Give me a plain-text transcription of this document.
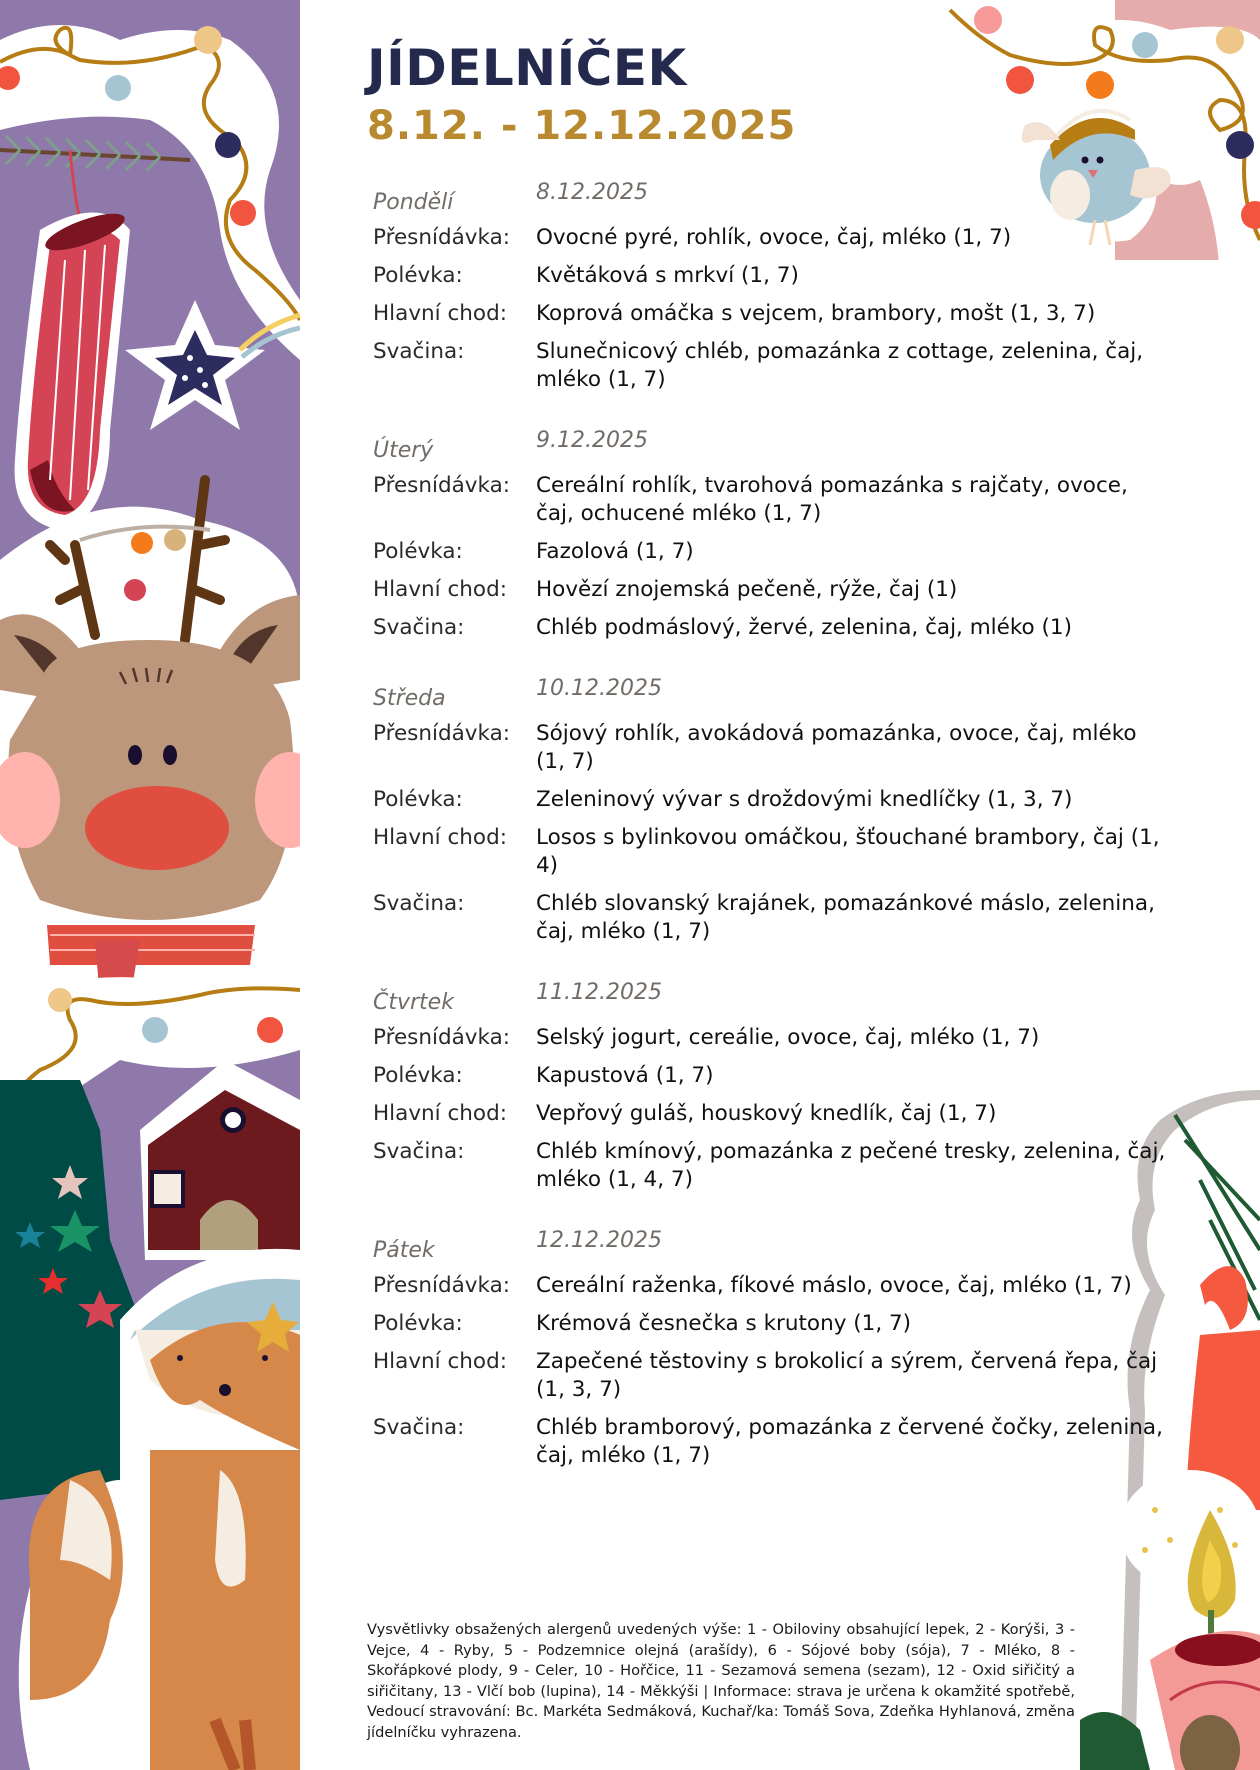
JÍDELNÍČEK
8.12. - 12.12.2025
Pondělí	8.12.2025
Přesnídávka:	Ovocné pyré, rohlík, ovoce, čaj, mléko (1, 7)
Polévka:	Květáková s mrkví (1, 7)
Hlavní chod:	Koprová omáčka s vejcem, brambory, mošt (1, 3, 7)
Svačina:	Slunečnicový chléb, pomazánka z cottage, zelenina, čaj, mléko (1, 7)
Úterý	9.12.2025
Přesnídávka:	Cereální rohlík, tvarohová pomazánka s rajčaty, ovoce, čaj, ochucené mléko (1, 7)
Polévka:	Fazolová (1, 7)
Hlavní chod:	Hovězí znojemská pečeně, rýže, čaj (1)
Svačina:	Chléb podmáslový, žervé, zelenina, čaj, mléko (1)
Středa	10.12.2025
Přesnídávka:	Sójový rohlík, avokádová pomazánka, ovoce, čaj, mléko (1, 7)
Polévka:	Zeleninový vývar s droždovými knedlíčky (1, 3, 7)
Hlavní chod:	Losos s bylinkovou omáčkou, šťouchané brambory, čaj (1, 4)
Svačina:	Chléb slovanský krajánek, pomazánkové máslo, zelenina, čaj, mléko (1, 7)
Čtvrtek	11.12.2025
Přesnídávka:	Selský jogurt, cereálie, ovoce, čaj, mléko (1, 7)
Polévka:	Kapustová (1, 7)
Hlavní chod:	Vepřový guláš, houskový knedlík, čaj (1, 7)
Svačina:	Chléb kmínový, pomazánka z pečené tresky, zelenina, čaj, mléko (1, 4, 7)
Pátek	12.12.2025
Přesnídávka:	Cereální raženka, fíkové máslo, ovoce, čaj, mléko (1, 7)
Polévka:	Krémová česnečka s krutony (1, 7)
Hlavní chod:	Zapečené těstoviny s brokolicí a sýrem, červená řepa, čaj (1, 3, 7)
Svačina:	Chléb bramborový, pomazánka z červené čočky, zelenina, čaj, mléko (1, 7)

Vysvětlivky obsažených alergenů uvedených výše: 1 - Obiloviny obsahující lepek, 2 - Korýši, 3 - Vejce, 4 - Ryby, 5 - Podzemnice olejná (arašídy), 6 - Sójové boby (sója), 7 - Mléko, 8 - Skořápkové plody, 9 - Celer, 10 - Hořčice, 11 - Sezamová semena (sezam), 12 - Oxid siřičitý a siřičitany, 13 - Vlčí bob (lupina), 14 - Měkkýši | Informace: strava je určena k okamžité spotřebě, Vedoucí stravování: Bc. Markéta Sedmáková, Kuchař/ka: Tomáš Sova, Zdeňka Hyhlanová, změna jídelníčku vyhrazena.
